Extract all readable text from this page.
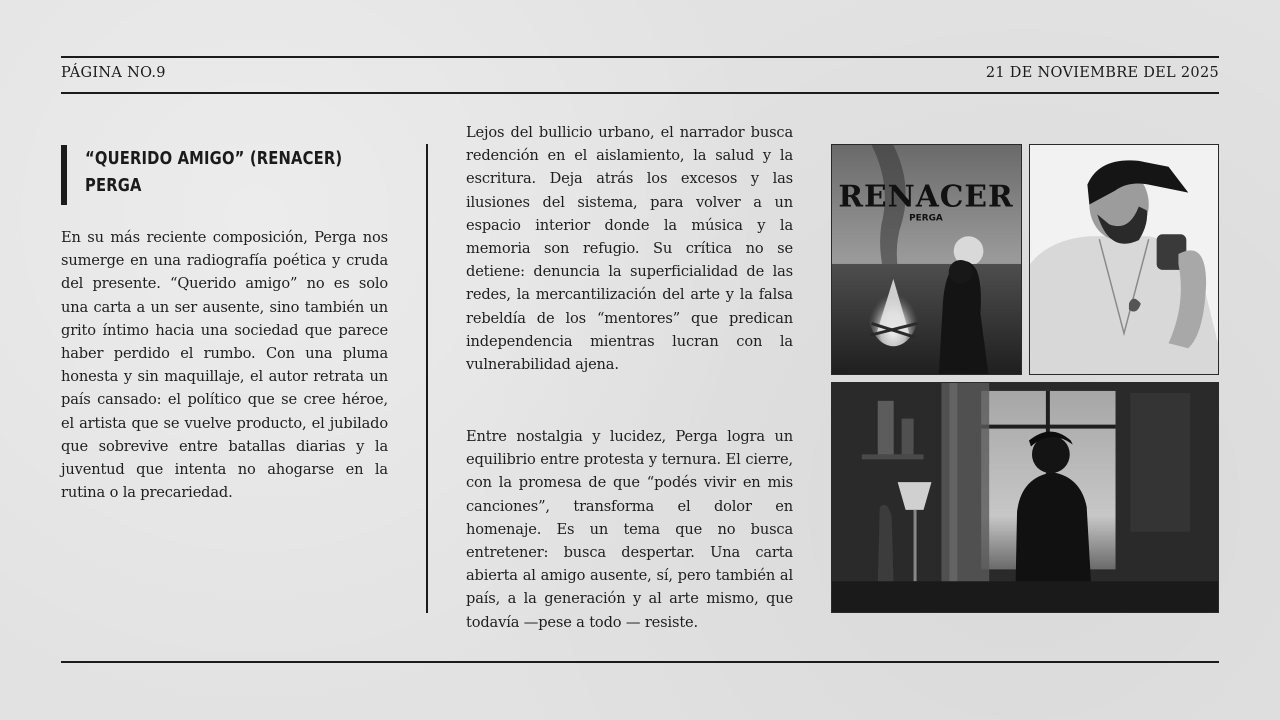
PÁGINA NO.9	21 DE NOVIEMBRE DEL 2025
“QUERIDO AMIGO” (RENACER)
PERGA

En su más reciente composición, Perga nos sumerge en una radiografía poética y cruda del presente. “Querido amigo” no es solo una carta a un ser ausente, sino también un grito íntimo hacia una sociedad que parece haber perdido el rumbo. Con una pluma honesta y sin maquillaje, el autor retrata un país cansado: el político que se cree héroe, el artista que se vuelve producto, el jubilado que sobrevive entre batallas diarias y la juventud que intenta no ahogarse en la rutina o la precariedad.

Lejos del bullicio urbano, el narrador busca redención en el aislamiento, la salud y la escritura. Deja atrás los excesos y las ilusiones del sistema, para volver a un espacio interior donde la música y la memoria son refugio. Su crítica no se detiene: denuncia la superficialidad de las redes, la mercantilización del arte y la falsa rebeldía de los “mentores” que predican independencia mientras lucran con la vulnerabilidad ajena.

Entre nostalgia y lucidez, Perga logra un equilibrio entre protesta y ternura. El cierre, con la promesa de que “podés vivir en mis canciones”, transforma el dolor en homenaje. Es un tema que no busca entretener: busca despertar. Una carta abierta al amigo ausente, sí, pero también al país, a la generación y al arte mismo, que todavía —pese a todo — resiste.

RENACER
PERGA
